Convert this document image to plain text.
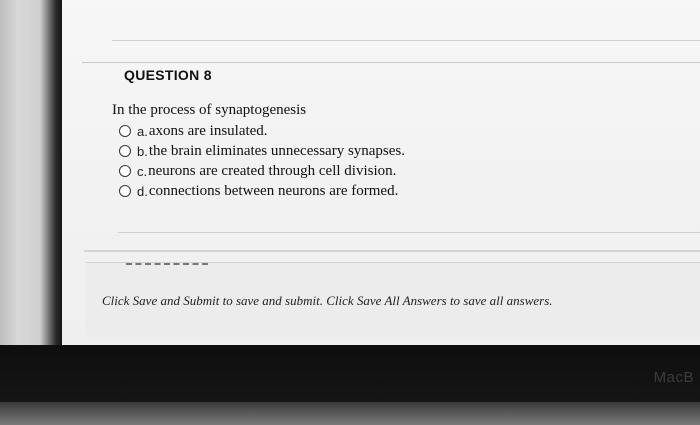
QUESTION 8
In the process of synaptogenesis
a. axons are insulated.
b. the brain eliminates unnecessary synapses.
c. neurons are created through cell division.
d. connections between neurons are formed.
Click Save and Submit to save and submit. Click Save All Answers to save all answers.
MacB
